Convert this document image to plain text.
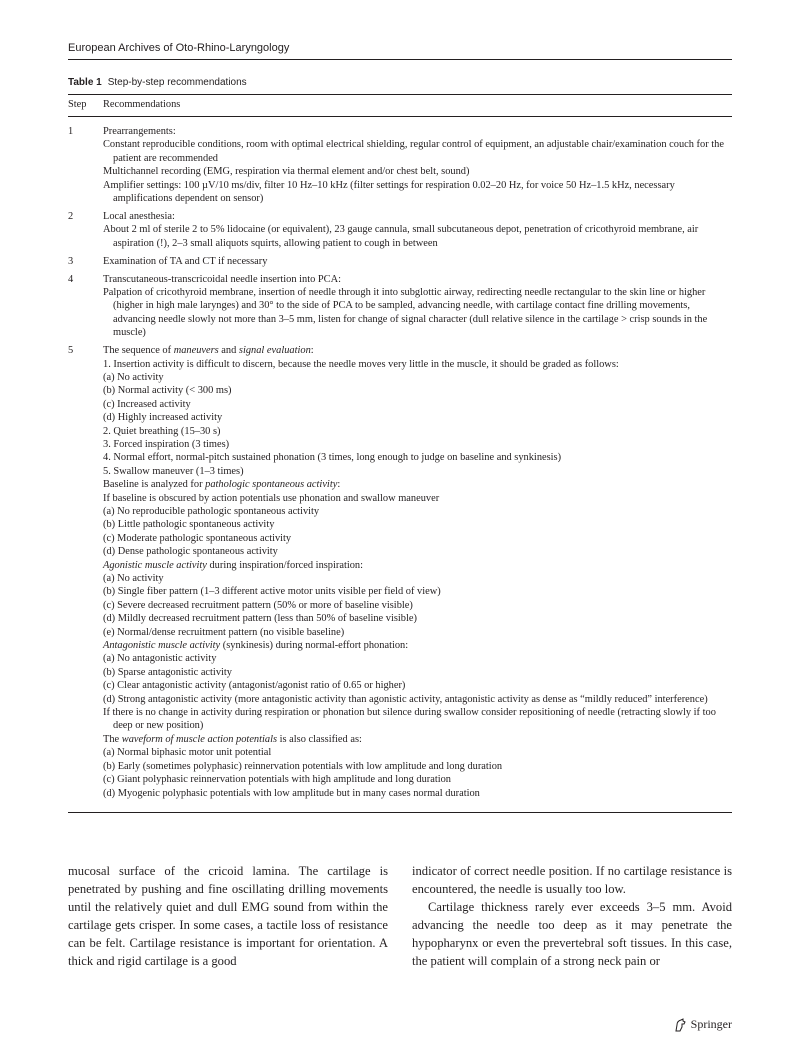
European Archives of Oto-Rhino-Laryngology
Table 1 Step-by-step recommendations
Step Recommendations
1	Prearrangements:
Constant reproducible conditions, room with optimal electrical shielding, regular control of equipment, an adjustable chair/examination couch for the patient are recommended
Multichannel recording (EMG, respiration via thermal element and/or chest belt, sound)
Amplifier settings: 100 µV/10 ms/div, filter 10 Hz–10 kHz (filter settings for respiration 0.02–20 Hz, for voice 50 Hz–1.5 kHz, necessary amplifications dependent on sensor)
2	Local anesthesia:
About 2 ml of sterile 2 to 5% lidocaine (or equivalent), 23 gauge cannula, small subcutaneous depot, penetration of cricothyroid membrane, air aspiration (!), 2–3 small aliquots squirts, allowing patient to cough in between
3	Examination of TA and CT if necessary
4	Transcutaneous-transcricoidal needle insertion into PCA:
Palpation of cricothyroid membrane, insertion of needle through it into subglottic airway, redirecting needle rectangular to the skin line or higher (higher in high male larynges) and 30° to the side of PCA to be sampled, advancing needle, with cartilage contact fine drilling movements, advancing needle slowly not more than 3–5 mm, listen for change of signal character (dull relative silence in the cartilage > crisp sounds in the muscle)
5	The sequence of maneuvers and signal evaluation:
1. Insertion activity is difficult to discern, because the needle moves very little in the muscle, it should be graded as follows:
(a) No activity
(b) Normal activity (< 300 ms)
(c) Increased activity
(d) Highly increased activity
2. Quiet breathing (15–30 s)
3. Forced inspiration (3 times)
4. Normal effort, normal-pitch sustained phonation (3 times, long enough to judge on baseline and synkinesis)
5. Swallow maneuver (1–3 times)
Baseline is analyzed for pathologic spontaneous activity:
If baseline is obscured by action potentials use phonation and swallow maneuver
(a) No reproducible pathologic spontaneous activity
(b) Little pathologic spontaneous activity
(c) Moderate pathologic spontaneous activity
(d) Dense pathologic spontaneous activity
Agonistic muscle activity during inspiration/forced inspiration:
(a) No activity
(b) Single fiber pattern (1–3 different active motor units visible per field of view)
(c) Severe decreased recruitment pattern (50% or more of baseline visible)
(d) Mildly decreased recruitment pattern (less than 50% of baseline visible)
(e) Normal/dense recruitment pattern (no visible baseline)
Antagonistic muscle activity (synkinesis) during normal-effort phonation:
(a) No antagonistic activity
(b) Sparse antagonistic activity
(c) Clear antagonistic activity (antagonist/agonist ratio of 0.65 or higher)
(d) Strong antagonistic activity (more antagonistic activity than agonistic activity, antagonistic activity as dense as “mildly reduced” interference)
If there is no change in activity during respiration or phonation but silence during swallow consider repositioning of needle (retracting slowly if too deep or new position)
The waveform of muscle action potentials is also classified as:
(a) Normal biphasic motor unit potential
(b) Early (sometimes polyphasic) reinnervation potentials with low amplitude and long duration
(c) Giant polyphasic reinnervation potentials with high amplitude and long duration
(d) Myogenic polyphasic potentials with low amplitude but in many cases normal duration

mucosal surface of the cricoid lamina. The cartilage is penetrated by pushing and fine oscillating drilling movements until the relatively quiet and dull EMG sound from within the cartilage gets crisper. In some cases, a tactile loss of resistance can be felt. Cartilage resistance is important for orientation. A thick and rigid cartilage is a good

indicator of correct needle position. If no cartilage resistance is encountered, the needle is usually too low.

Cartilage thickness rarely ever exceeds 3–5 mm. Avoid advancing the needle too deep as it may penetrate the hypopharynx or even the prevertebral soft tissues. In this case, the patient will complain of a strong neck pain or

Springer
